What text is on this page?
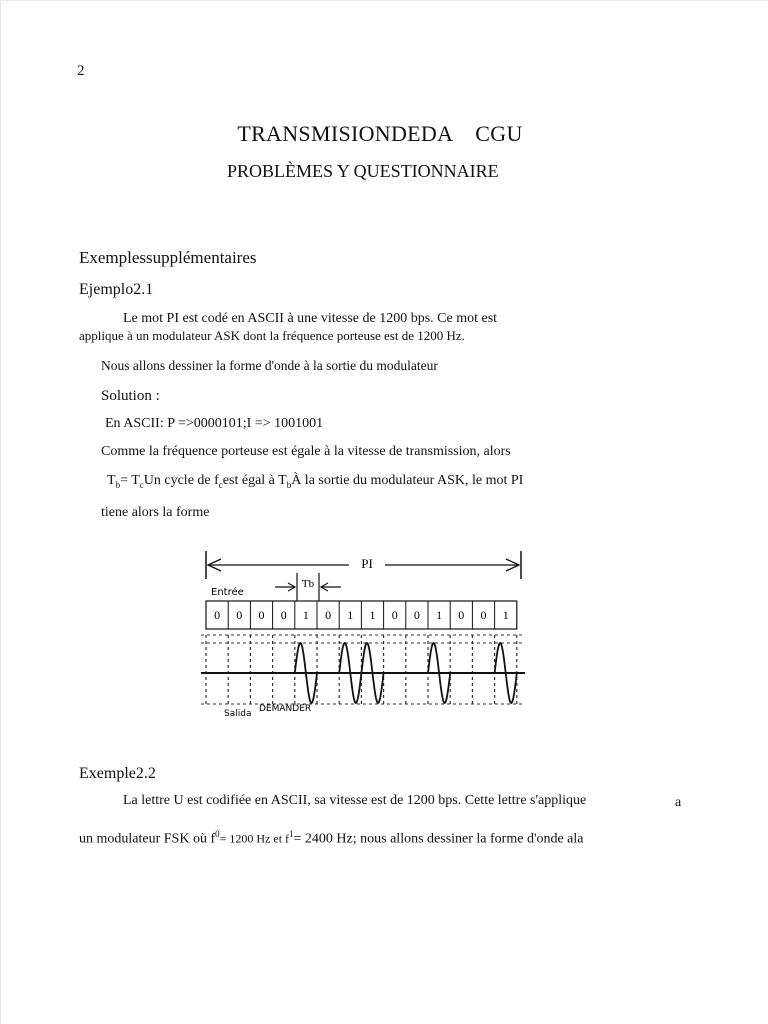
2
TRANSMISIONDEDA CGU
PROBLÈMES Y QUESTIONNAIRE
Exemplessupplémentaires
Ejemplo2.1
Le mot PI est codé en ASCII à une vitesse de 1200 bps. Ce mot est
applique à un modulateur ASK dont la fréquence porteuse est de 1200 Hz.
Nous allons dessiner la forme d'onde à la sortie du modulateur
Solution :
En ASCII: P =>0000101;I => 1001001
Comme la fréquence porteuse est égale à la vitesse de transmission, alors
$T_b= T_cUn$ cycle de $f_cest$ égal à $T_bÀ$ la sortie du modulateur ASK, le mot PI
tiene alors la forme
PI
Tb
Entrée
0 0 0 0 1 0 1 1 0 0 1 0 0 1
Salida DEMANDER
Exemple2.2
La lettre U est codifiée en ASCII, sa vitesse est de 1200 bps. Cette lettre s'applique	a
un modulateur FSK où $f^0= 1200$ Hz et $f^1= 2400$ Hz; nous allons dessiner la forme d'onde ala
